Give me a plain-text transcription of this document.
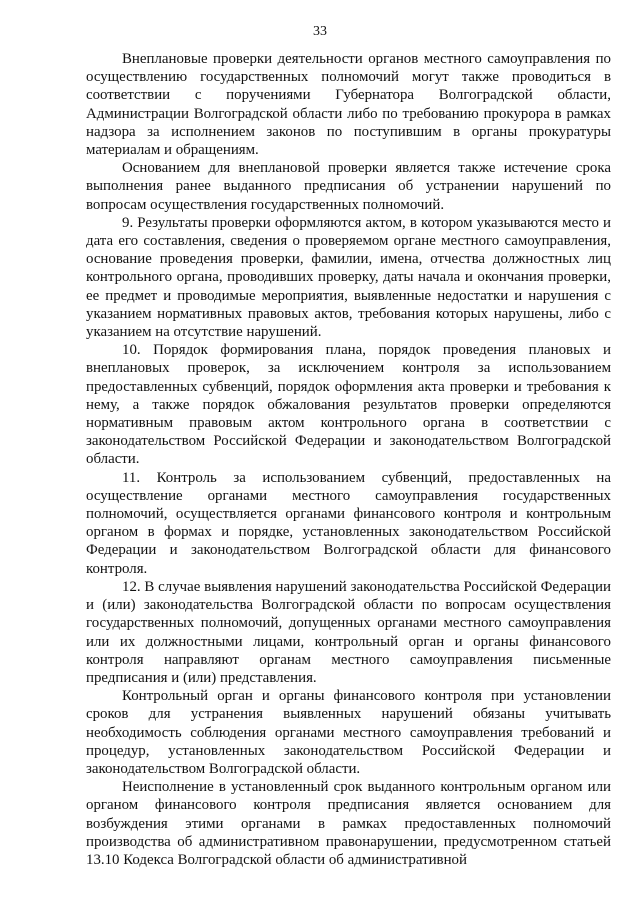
33

Внеплановые проверки деятельности органов местного самоуправления по осуществлению государственных полномочий могут также проводиться в соответствии с поручениями Губернатора Волгоградской области, Администрации Волгоградской области либо по требованию прокурора в рамках надзора за исполнением законов по поступившим в органы прокуратуры материалам и обращениям.

Основанием для внеплановой проверки является также истечение срока выполнения ранее выданного предписания об устранении нарушений по вопросам осуществления государственных полномочий.

9. Результаты проверки оформляются актом, в котором указываются место и дата его составления, сведения о проверяемом органе местного самоуправления, основание проведения проверки, фамилии, имена, отчества должностных лиц контрольного органа, проводивших проверку, даты начала и окончания проверки, ее предмет и проводимые мероприятия, выявленные недостатки и нарушения с указанием нормативных правовых актов, требования которых нарушены, либо с указанием на отсутствие нарушений.

10. Порядок формирования плана, порядок проведения плановых и внеплановых проверок, за исключением контроля за использованием предоставленных субвенций, порядок оформления акта проверки и требования к нему, а также порядок обжалования результатов проверки определяются нормативным правовым актом контрольного органа в соответствии с законодательством Российской Федерации и законодательством Волгоградской области.

11. Контроль за использованием субвенций, предоставленных на осуществление органами местного самоуправления государственных полномочий, осуществляется органами финансового контроля и контрольным органом в формах и порядке, установленных законодательством Российской Федерации и законодательством Волгоградской области для финансового контроля.

12. В случае выявления нарушений законодательства Российской Федерации и (или) законодательства Волгоградской области по вопросам осуществления государственных полномочий, допущенных органами местного самоуправления или их должностными лицами, контрольный орган и органы финансового контроля направляют органам местного самоуправления письменные предписания и (или) представления.

Контрольный орган и органы финансового контроля при установлении сроков для устранения выявленных нарушений обязаны учитывать необходимость соблюдения органами местного самоуправления требований и процедур, установленных законодательством Российской Федерации и законодательством Волгоградской области.

Неисполнение в установленный срок выданного контрольным органом или органом финансового контроля предписания является основанием для возбуждения этими органами в рамках предоставленных полномочий производства об административном правонарушении, предусмотренном статьей 13.10 Кодекса Волгоградской области об административной
